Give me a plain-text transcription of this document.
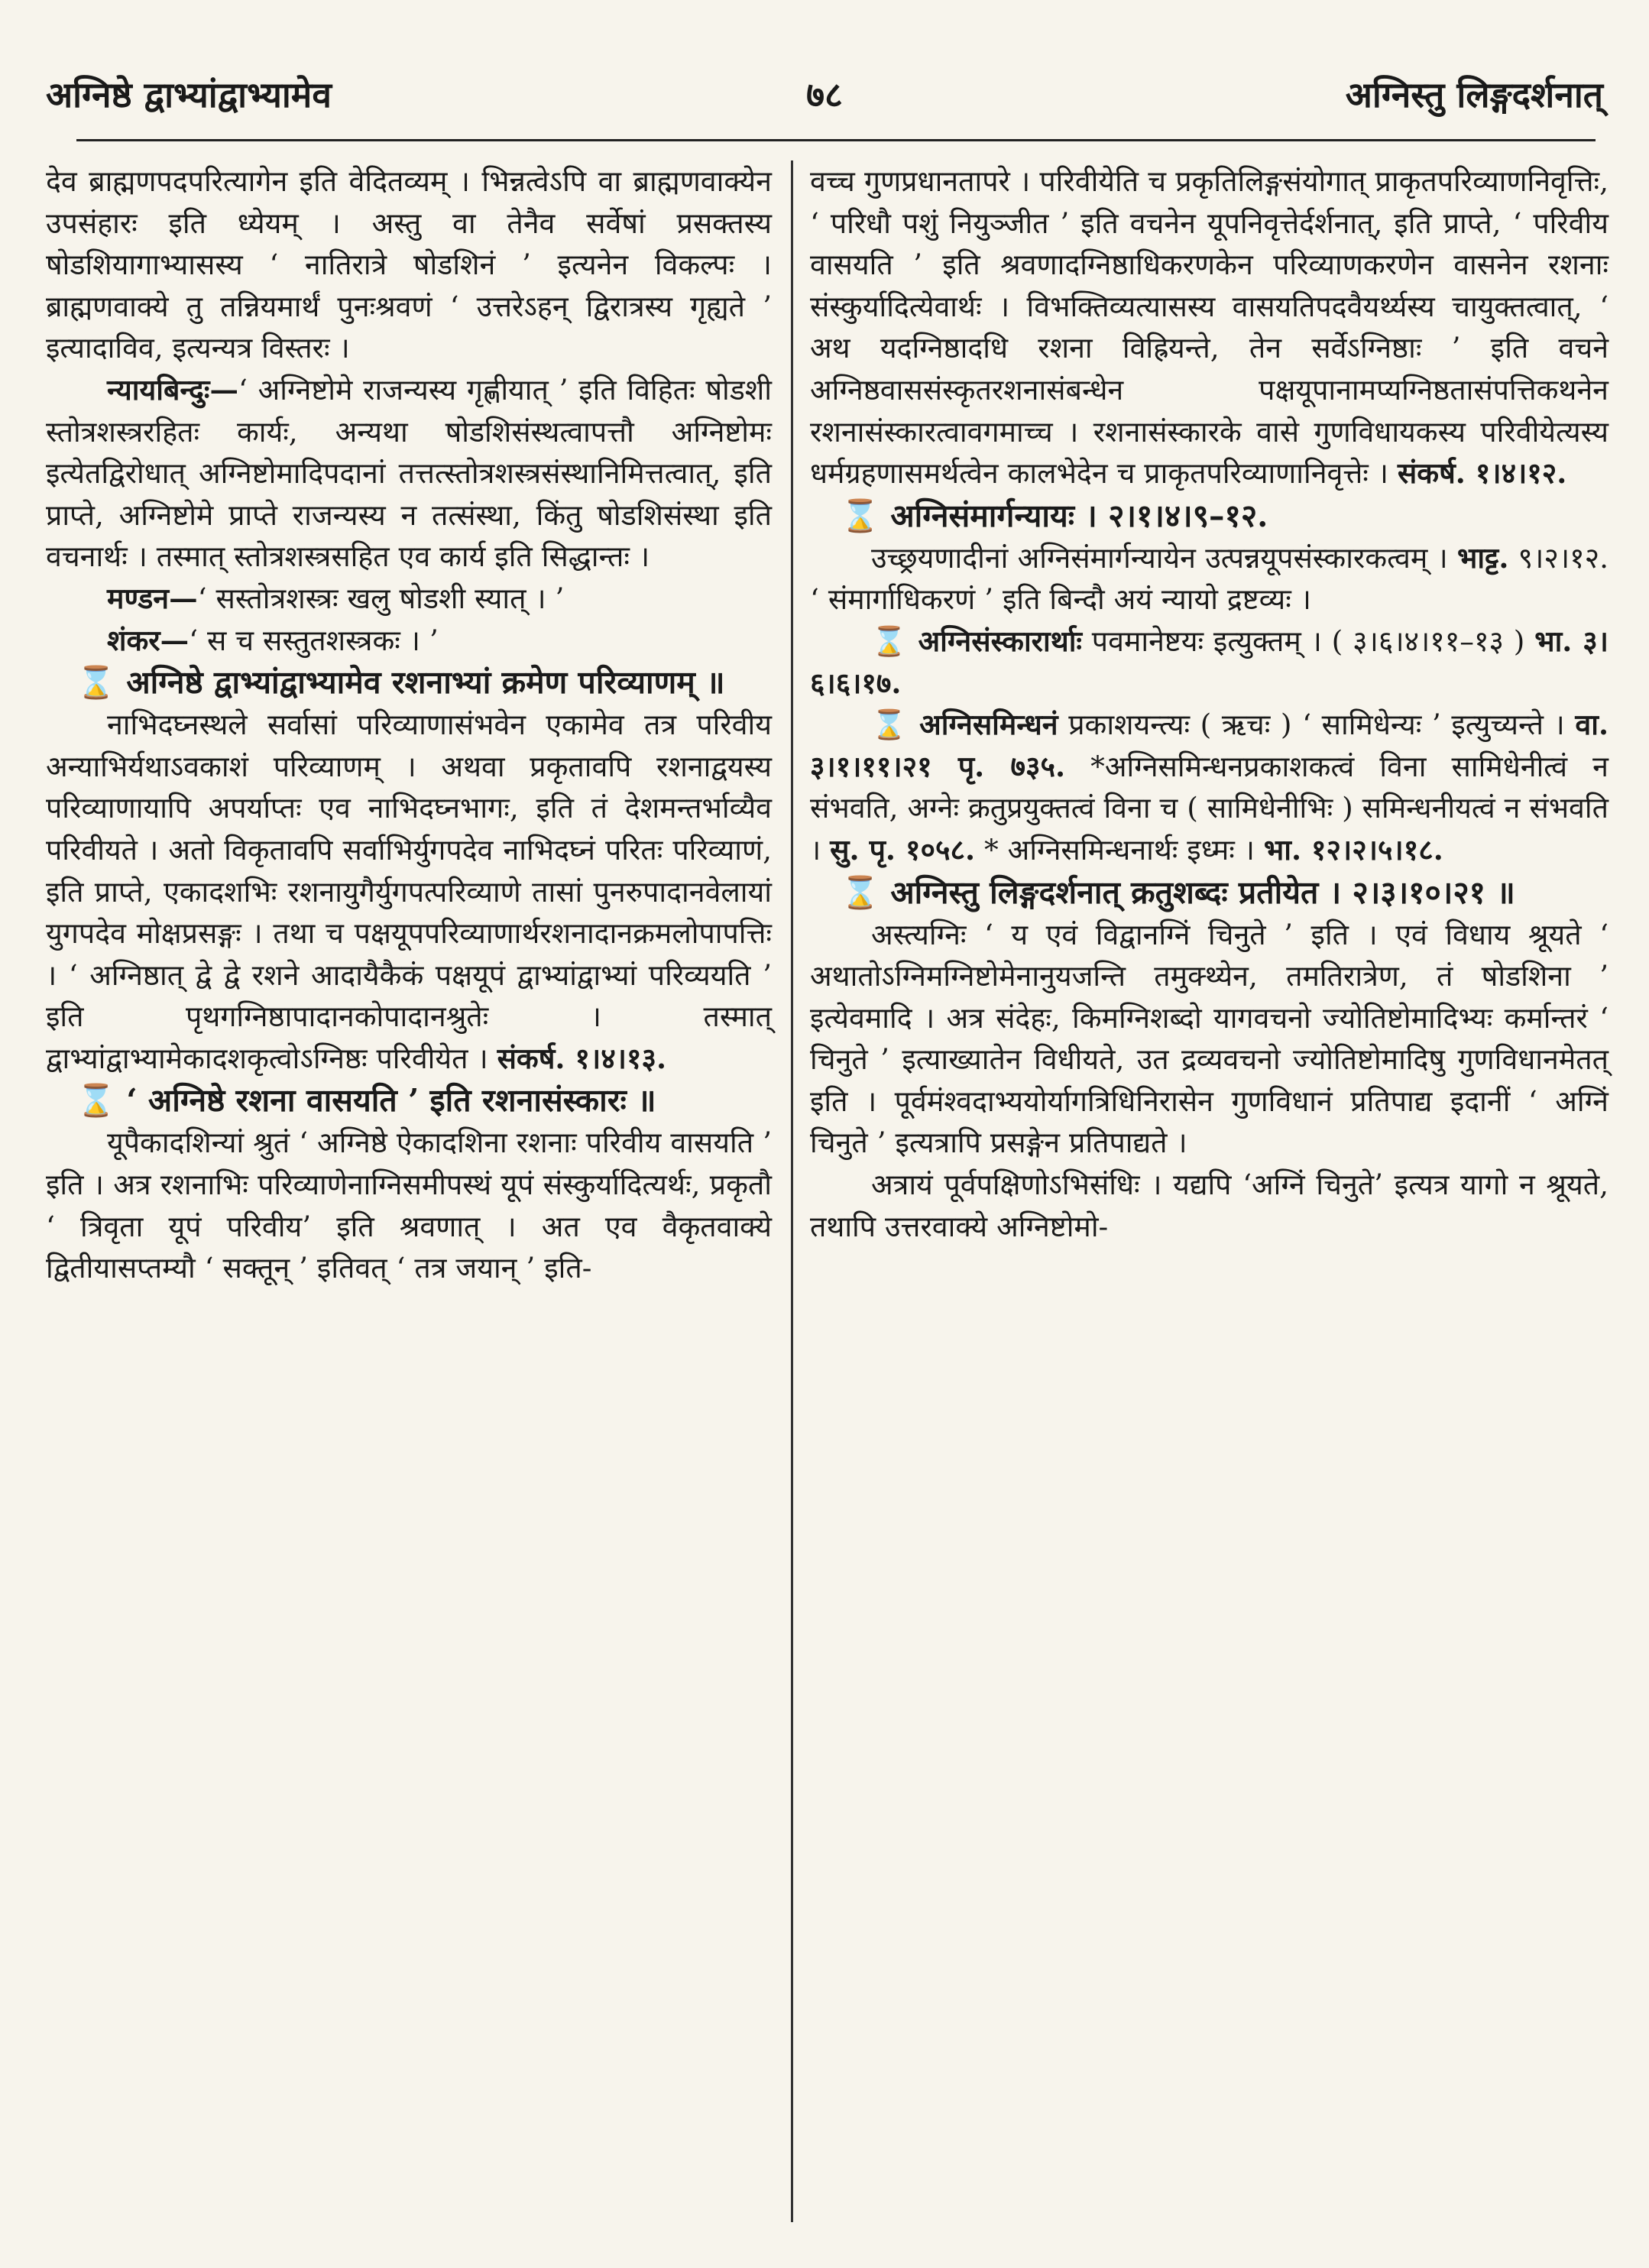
अग्निष्ठे द्वाभ्यांद्वाभ्यामेव	७८	अग्निस्तु लिङ्गदर्शनात्

देव ब्राह्मणपदपरित्यागेन इति वेदितव्यम् । भिन्नत्वेऽपि वा ब्राह्मणवाक्येन उपसंहारः इति ध्येयम् । अस्तु वा तेनैव सर्वेषां प्रसक्तस्य षोडशियागाभ्यासस्य ‘ नातिरात्रे षोडशिनं ’ इत्यनेन विकल्पः । ब्राह्मणवाक्ये तु तन्नियमार्थं पुनःश्रवणं ‘ उत्तरेऽहन् द्विरात्रस्य गृह्यते ’ इत्यादाविव, इत्यन्यत्र विस्तरः ।

न्यायबिन्दुः—‘ अग्निष्टोमे राजन्यस्य गृह्णीयात् ’ इति विहितः षोडशी स्तोत्रशस्त्ररहितः कार्यः, अन्यथा षोडशिसंस्थत्वापत्तौ अग्निष्टोमः इत्येतद्विरोधात् अग्निष्टोमादिपदानां तत्तत्स्तोत्रशस्त्रसंस्थानिमित्तत्वात्, इति प्राप्ते, अग्निष्टोमे प्राप्ते राजन्यस्य न तत्संस्था, किंतु षोडशिसंस्था इति वचनार्थः । तस्मात् स्तोत्रशस्त्रसहित एव कार्य इति सिद्धान्तः ।

मण्डन—‘ सस्तोत्रशस्त्रः खलु षोडशी स्यात् । ’

शंकर—‘ स च सस्तुतशस्त्रकः । ’

⌛ अग्निष्ठे द्वाभ्यांद्वाभ्यामेव रशनाभ्यां क्रमेण परिव्याणम् ॥

नाभिदघ्नस्थले सर्वासां परिव्याणासंभवेन एकामेव तत्र परिवीय अन्याभिर्यथाऽवकाशं परिव्याणम् । अथवा प्रकृतावपि रशनाद्वयस्य परिव्याणायापि अपर्याप्तः एव नाभिदघ्नभागः, इति तं देशमन्तर्भाव्यैव परिवीयते । अतो विकृतावपि सर्वाभिर्युगपदेव नाभिदघ्नं परितः परिव्याणं, इति प्राप्ते, एकादशभिः रशनायुगैर्युगपत्परिव्याणे तासां पुनरुपादानवेलायां युगपदेव मोक्षप्रसङ्गः । तथा च पक्षयूपपरिव्याणार्थरशनादानक्रमलोपापत्तिः । ‘ अग्निष्ठात् द्वे द्वे रशने आदायैकैकं पक्षयूपं द्वाभ्यांद्वाभ्यां परिव्ययति ’ इति पृथगग्निष्ठापादानकोपादानश्रुतेः । तस्मात् द्वाभ्यांद्वाभ्यामेकादशकृत्वोऽग्निष्ठः परिवीयेत । संकर्ष. १।४।१३.

⌛ ‘ अग्निष्ठे रशना वासयति ’ इति रशनासंस्कारः ॥

यूपैकादशिन्यां श्रुतं ‘ अग्निष्ठे ऐकादशिना रशनाः परिवीय वासयति ’ इति । अत्र रशनाभिः परिव्याणेनाग्निसमीपस्थं यूपं संस्कुर्यादित्यर्थः, प्रकृतौ ‘ त्रिवृता यूपं परिवीय’ इति श्रवणात् । अत एव वैकृतवाक्ये द्वितीयासप्तम्यौ ‘ सक्तून् ’ इतिवत् ‘ तत्र जयान् ’ इति-

वच्च गुणप्रधानतापरे । परिवीयेति च प्रकृतिलिङ्गसंयोगात् प्राकृतपरिव्याणनिवृत्तिः, ‘ परिधौ पशुं नियुञ्जीत ’ इति वचनेन यूपनिवृत्तेर्दर्शनात्, इति प्राप्ते, ‘ परिवीय वासयति ’ इति श्रवणादग्निष्ठाधिकरणकेन परिव्याणकरणेन वासनेन रशनाः संस्कुर्यादित्येवार्थः । विभक्तिव्यत्यासस्य वासयतिपदवैयर्थ्यस्य चायुक्तत्वात्, ‘ अथ यदग्निष्ठादधि रशना विह्रियन्ते, तेन सर्वेऽग्निष्ठाः ’ इति वचने अग्निष्ठवाससंस्कृतरशनासंबन्धेन पक्षयूपानामप्यग्निष्ठतासंपत्तिकथनेन रशनासंस्कारत्वावगमाच्च । रशनासंस्कारके वासे गुणविधायकस्य परिवीयेत्यस्य धर्मग्रहणासमर्थत्वेन कालभेदेन च प्राकृतपरिव्याणानिवृत्तेः । संकर्ष. १।४।१२.

⌛ अग्निसंमार्गन्यायः । २।१।४।९–१२.

उच्छ्रयणादीनां अग्निसंमार्गन्यायेन उत्पन्नयूपसंस्कारकत्वम् । भाट्ट. ९।२।१२. ‘ संमार्गाधिकरणं ’ इति बिन्दौ अयं न्यायो द्रष्टव्यः ।

⌛ अग्निसंस्कारार्थाः पवमानेष्टयः इत्युक्तम् । ( ३।६।४।११–१३ ) भा. ३।६।६।१७.

⌛ अग्निसमिन्धनं प्रकाशयन्त्यः ( ऋचः ) ‘ सामिधेन्यः ’ इत्युच्यन्ते । वा. ३।१।११।२१ पृ. ७३५. *अग्निसमिन्धनप्रकाशकत्वं विना सामिधेनीत्वं न संभवति, अग्नेः क्रतुप्रयुक्तत्वं विना च ( सामिधेनीभिः ) समिन्धनीयत्वं न संभवति । सु. पृ. १०५८. * अग्निसमिन्धनार्थः इध्मः । भा. १२।२।५।१८.

⌛ अग्निस्तु लिङ्गदर्शनात् क्रतुशब्दः प्रतीयेत । २।३।१०।२१ ॥

अस्त्यग्निः ‘ य एवं विद्वानग्निं चिनुते ’ इति । एवं विधाय श्रूयते ‘ अथातोऽग्निमग्निष्टोमेनानुयजन्ति तमुक्थ्येन, तमतिरात्रेण, तं षोडशिना ’ इत्येवमादि । अत्र संदेहः, किमग्निशब्दो यागवचनो ज्योतिष्टोमादिभ्यः कर्मान्तरं ‘ चिनुते ’ इत्याख्यातेन विधीयते, उत द्रव्यवचनो ज्योतिष्टोमादिषु गुणविधानमेतत् इति । पूर्वमंश्वदाभ्ययोर्यागत्रिधिनिरासेन गुणविधानं प्रतिपाद्य इदानीं ‘ अग्निं चिनुते ’ इत्यत्रापि प्रसङ्गेन प्रतिपाद्यते ।

अत्रायं पूर्वपक्षिणोऽभिसंधिः । यद्यपि ‘अग्निं चिनुते’ इत्यत्र यागो न श्रूयते, तथापि उत्तरवाक्ये अग्निष्टोमो-
